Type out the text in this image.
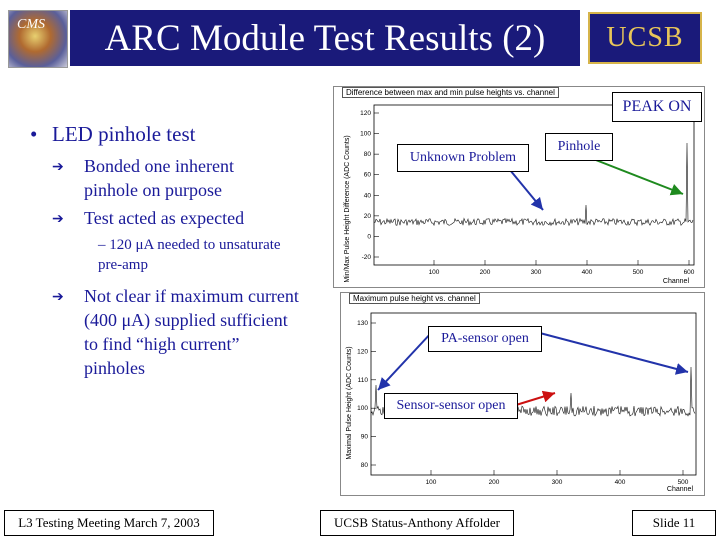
CMS ARC Module Test Results (2) UCSB
• LED pinhole test
➔ Bonded one inherent pinhole on purpose
➔ Test acted as expected
– 120 μA needed to unsaturate pre-amp
➔ Not clear if maximum current (400 μA) supplied sufficient to find “high current” pinholes
Min/Max Pulse Height Difference (ADC Counts)	Channel
120
100
80
60
40
20
0
-20
100	200	300	400	500	600
Difference between max and min pulse heights vs. channel
Maximal Pulse Height (ADC Counts)
Channel
130
120
110
100
90
80
100	200	300	400	500
Maximum pulse height vs. channel
PEAK ON
Pinhole
Unknown Problem
PA-sensor open
Sensor-sensor open
L3 Testing Meeting March 7, 2003	UCSB Status-Anthony Affolder	Slide 11
